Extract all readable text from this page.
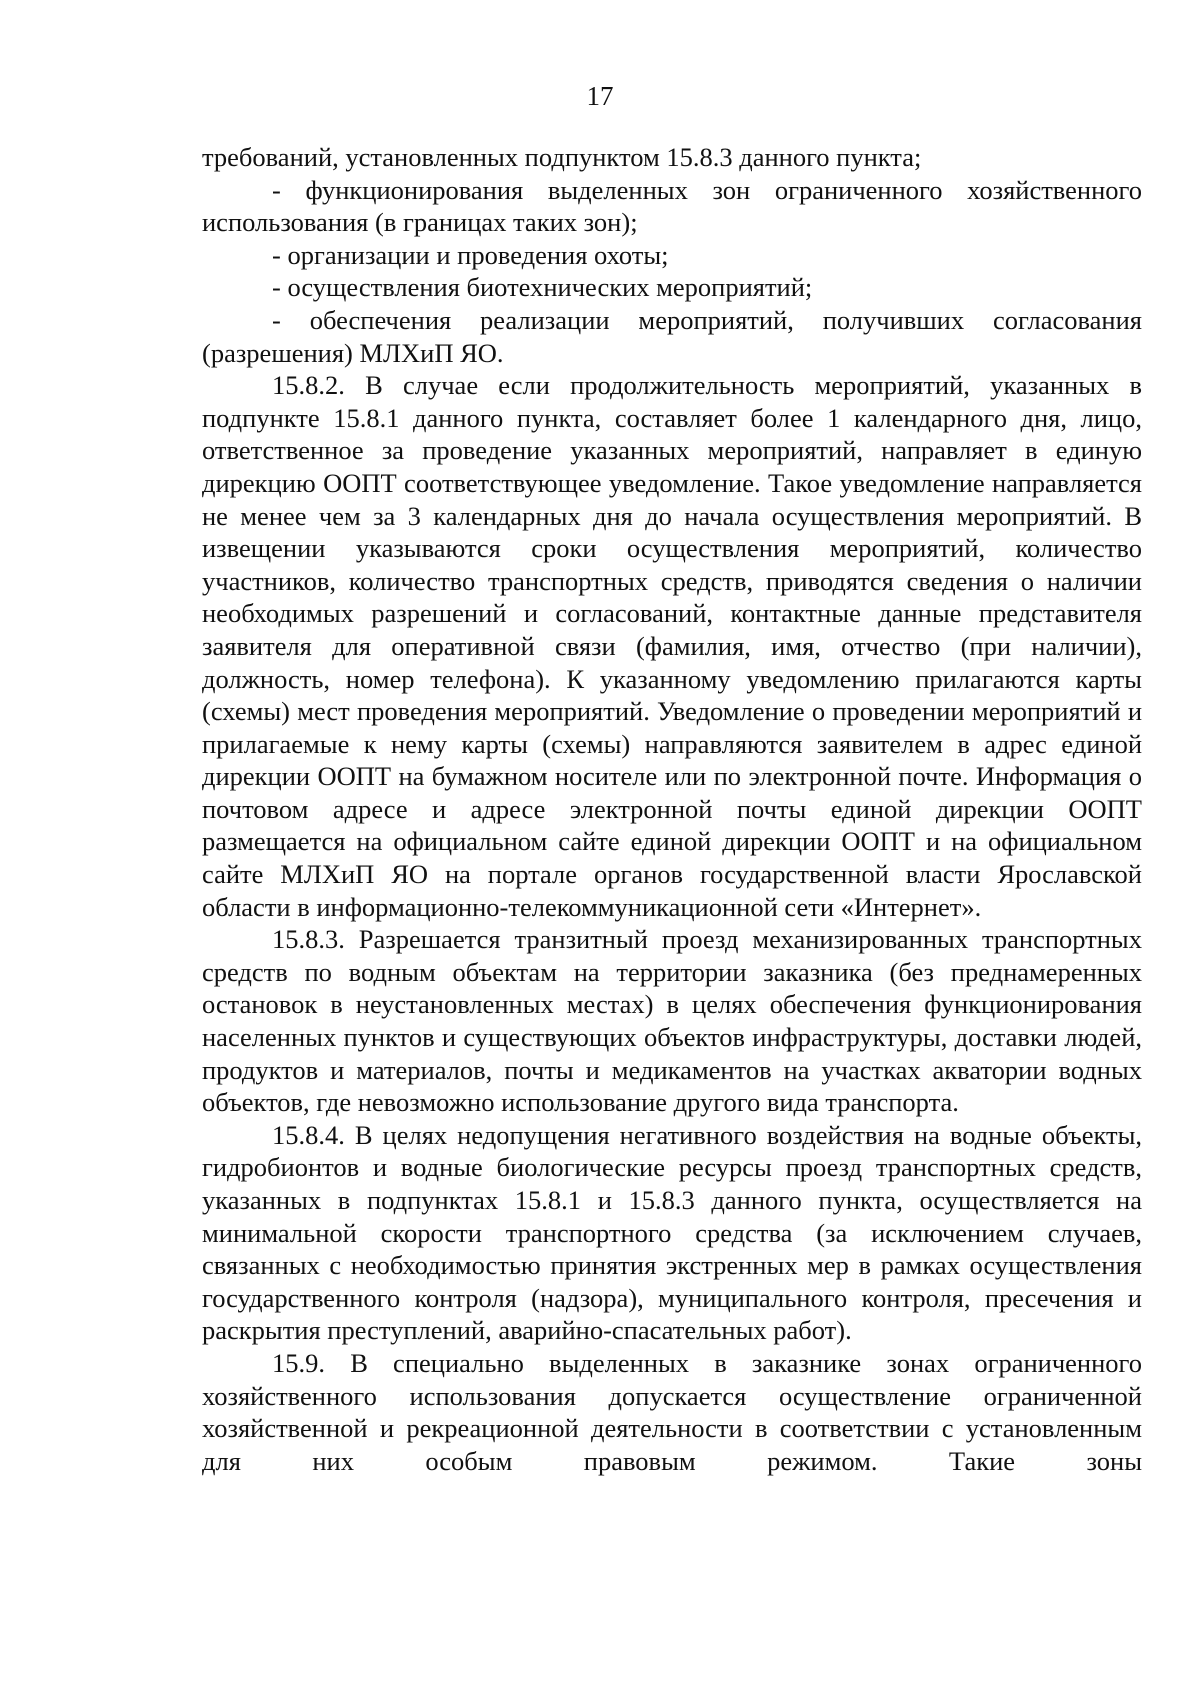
17

требований, установленных подпунктом 15.8.3 данного пункта;

- функционирования выделенных зон ограниченного хозяйственного использования (в границах таких зон);

- организации и проведения охоты;

- осуществления биотехнических мероприятий;

- обеспечения реализации мероприятий, получивших согласования (разрешения) МЛХиП ЯО.

15.8.2. В случае если продолжительность мероприятий, указанных в подпункте 15.8.1 данного пункта, составляет более 1 календарного дня, лицо, ответственное за проведение указанных мероприятий, направляет в единую дирекцию ООПТ соответствующее уведомление. Такое уведомление направляется не менее чем за 3 календарных дня до начала осуществления мероприятий. В извещении указываются сроки осуществления мероприятий, количество участников, количество транспортных средств, приводятся сведения о наличии необходимых разрешений и согласований, контактные данные представителя заявителя для оперативной связи (фамилия, имя, отчество (при наличии), должность, номер телефона). К указанному уведомлению прилагаются карты (схемы) мест проведения мероприятий. Уведомление о проведении мероприятий и прилагаемые к нему карты (схемы) направляются заявителем в адрес единой дирекции ООПТ на бумажном носителе или по электронной почте. Информация о почтовом адресе и адресе электронной почты единой дирекции ООПТ размещается на официальном сайте единой дирекции ООПТ и на официальном сайте МЛХиП ЯО на портале органов государственной власти Ярославской области в информационно-телекоммуникационной сети «Интернет».

15.8.3. Разрешается транзитный проезд механизированных транспортных средств по водным объектам на территории заказника (без преднамеренных остановок в неустановленных местах) в целях обеспечения функционирования населенных пунктов и существующих объектов инфраструктуры, доставки людей, продуктов и материалов, почты и медикаментов на участках акватории водных объектов, где невозможно использование другого вида транспорта.

15.8.4. В целях недопущения негативного воздействия на водные объекты, гидробионтов и водные биологические ресурсы проезд транспортных средств, указанных в подпунктах 15.8.1 и 15.8.3 данного пункта, осуществляется на минимальной скорости транспортного средства (за исключением случаев, связанных с необходимостью принятия экстренных мер в рамках осуществления государственного контроля (надзора), муниципального контроля, пресечения и раскрытия преступлений, аварийно-спасательных работ).

15.9. В специально выделенных в заказнике зонах ограниченного хозяйственного использования допускается осуществление ограниченной хозяйственной и рекреационной деятельности в соответствии с установленным для них особым правовым режимом. Такие зоны
